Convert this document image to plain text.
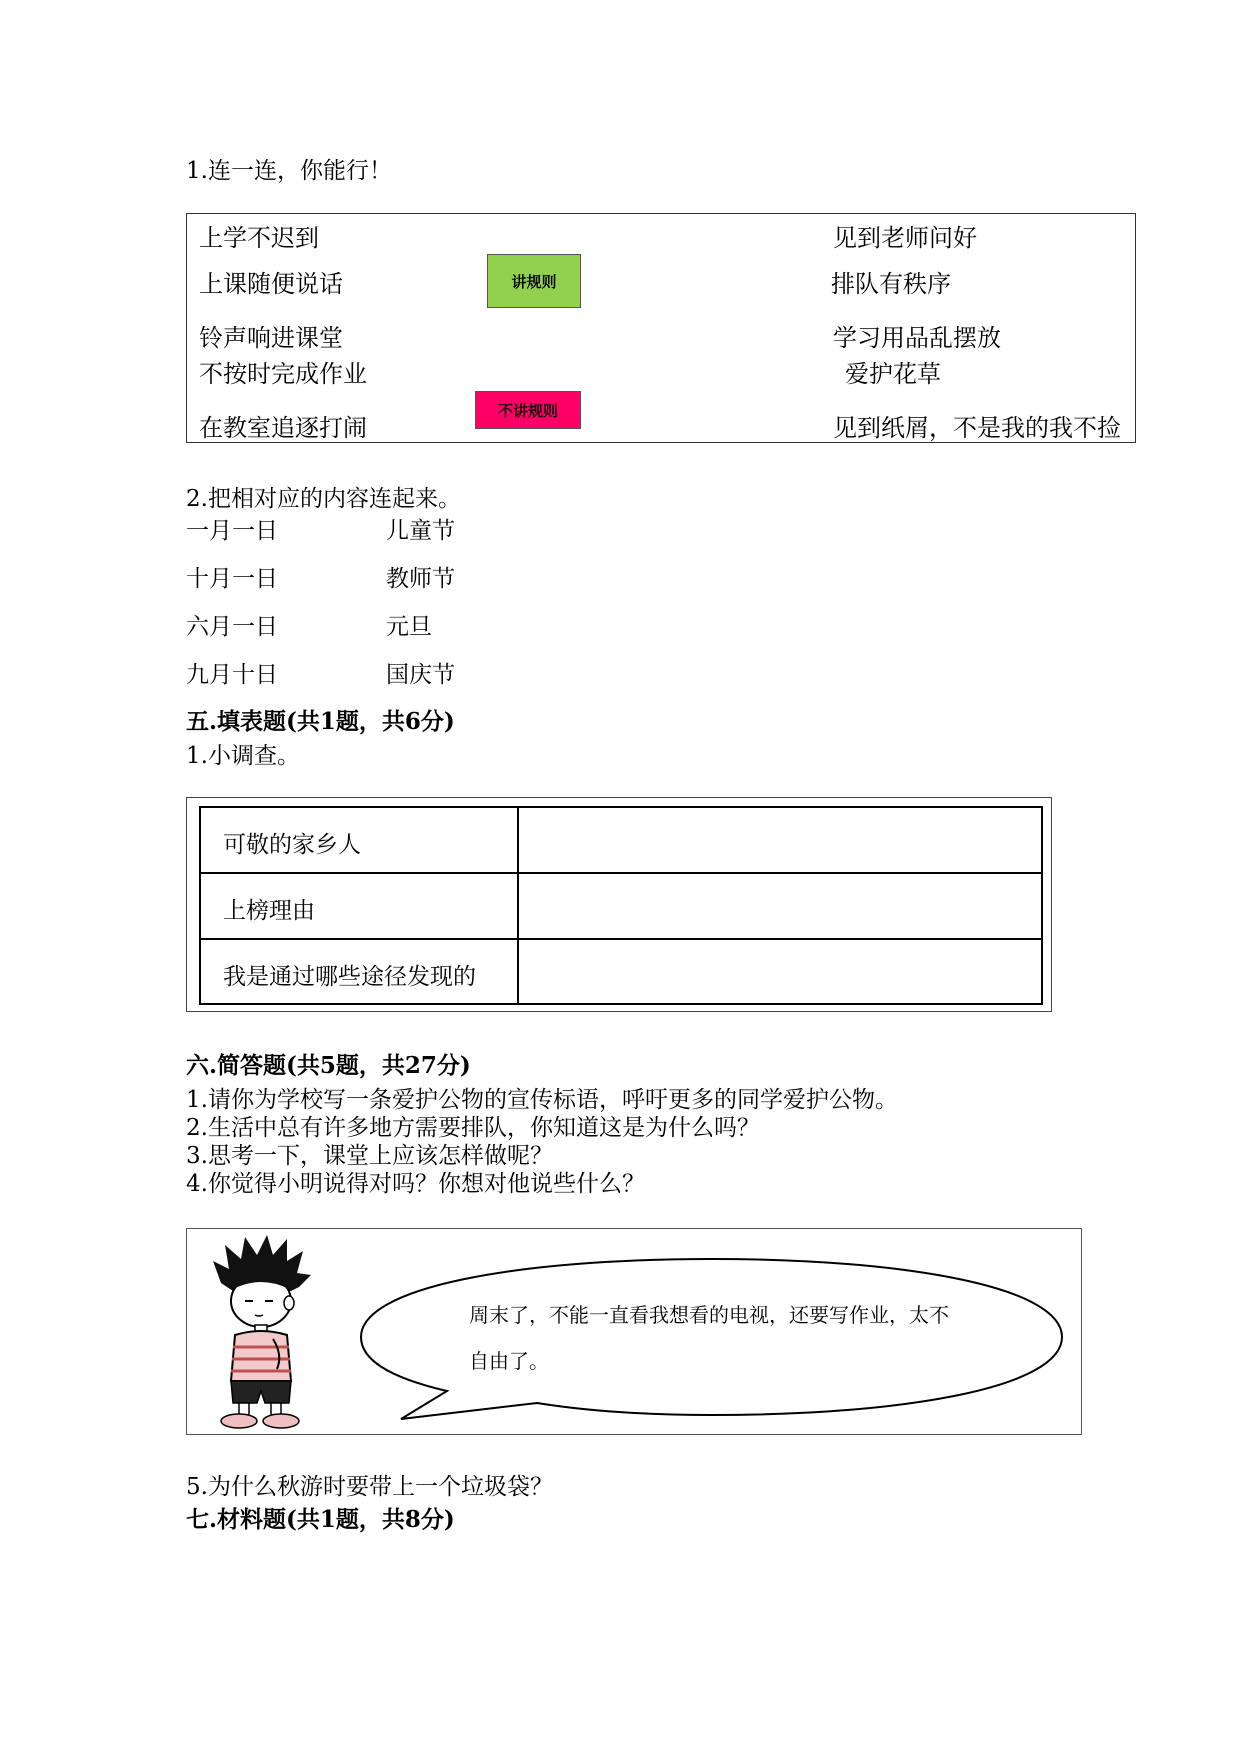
1.连一连，你能行！
上学不迟到
上课随便说话
铃声响进课堂
不按时完成作业
在教室追逐打闹
讲规则
不讲规则
见到老师问好
排队有秩序
学习用品乱摆放
爱护花草
见到纸屑，不是我的我不捡
2.把相对应的内容连起来。
一月一日
十月一日
六月一日
九月十日
儿童节
教师节
元旦
国庆节
五.填表题(共1题，共6分)
1.小调查。
可敬的家乡人
上榜理由
我是通过哪些途径发现的
六.简答题(共5题，共27分)
1.请你为学校写一条爱护公物的宣传标语，呼吁更多的同学爱护公物。
2.生活中总有许多地方需要排队，你知道这是为什么吗？
3.思考一下，课堂上应该怎样做呢？
4.你觉得小明说得对吗？你想对他说些什么？
周末了，不能一直看我想看的电视，还要写作业，太不
自由了。
5.为什么秋游时要带上一个垃圾袋？
七.材料题(共1题，共8分)
